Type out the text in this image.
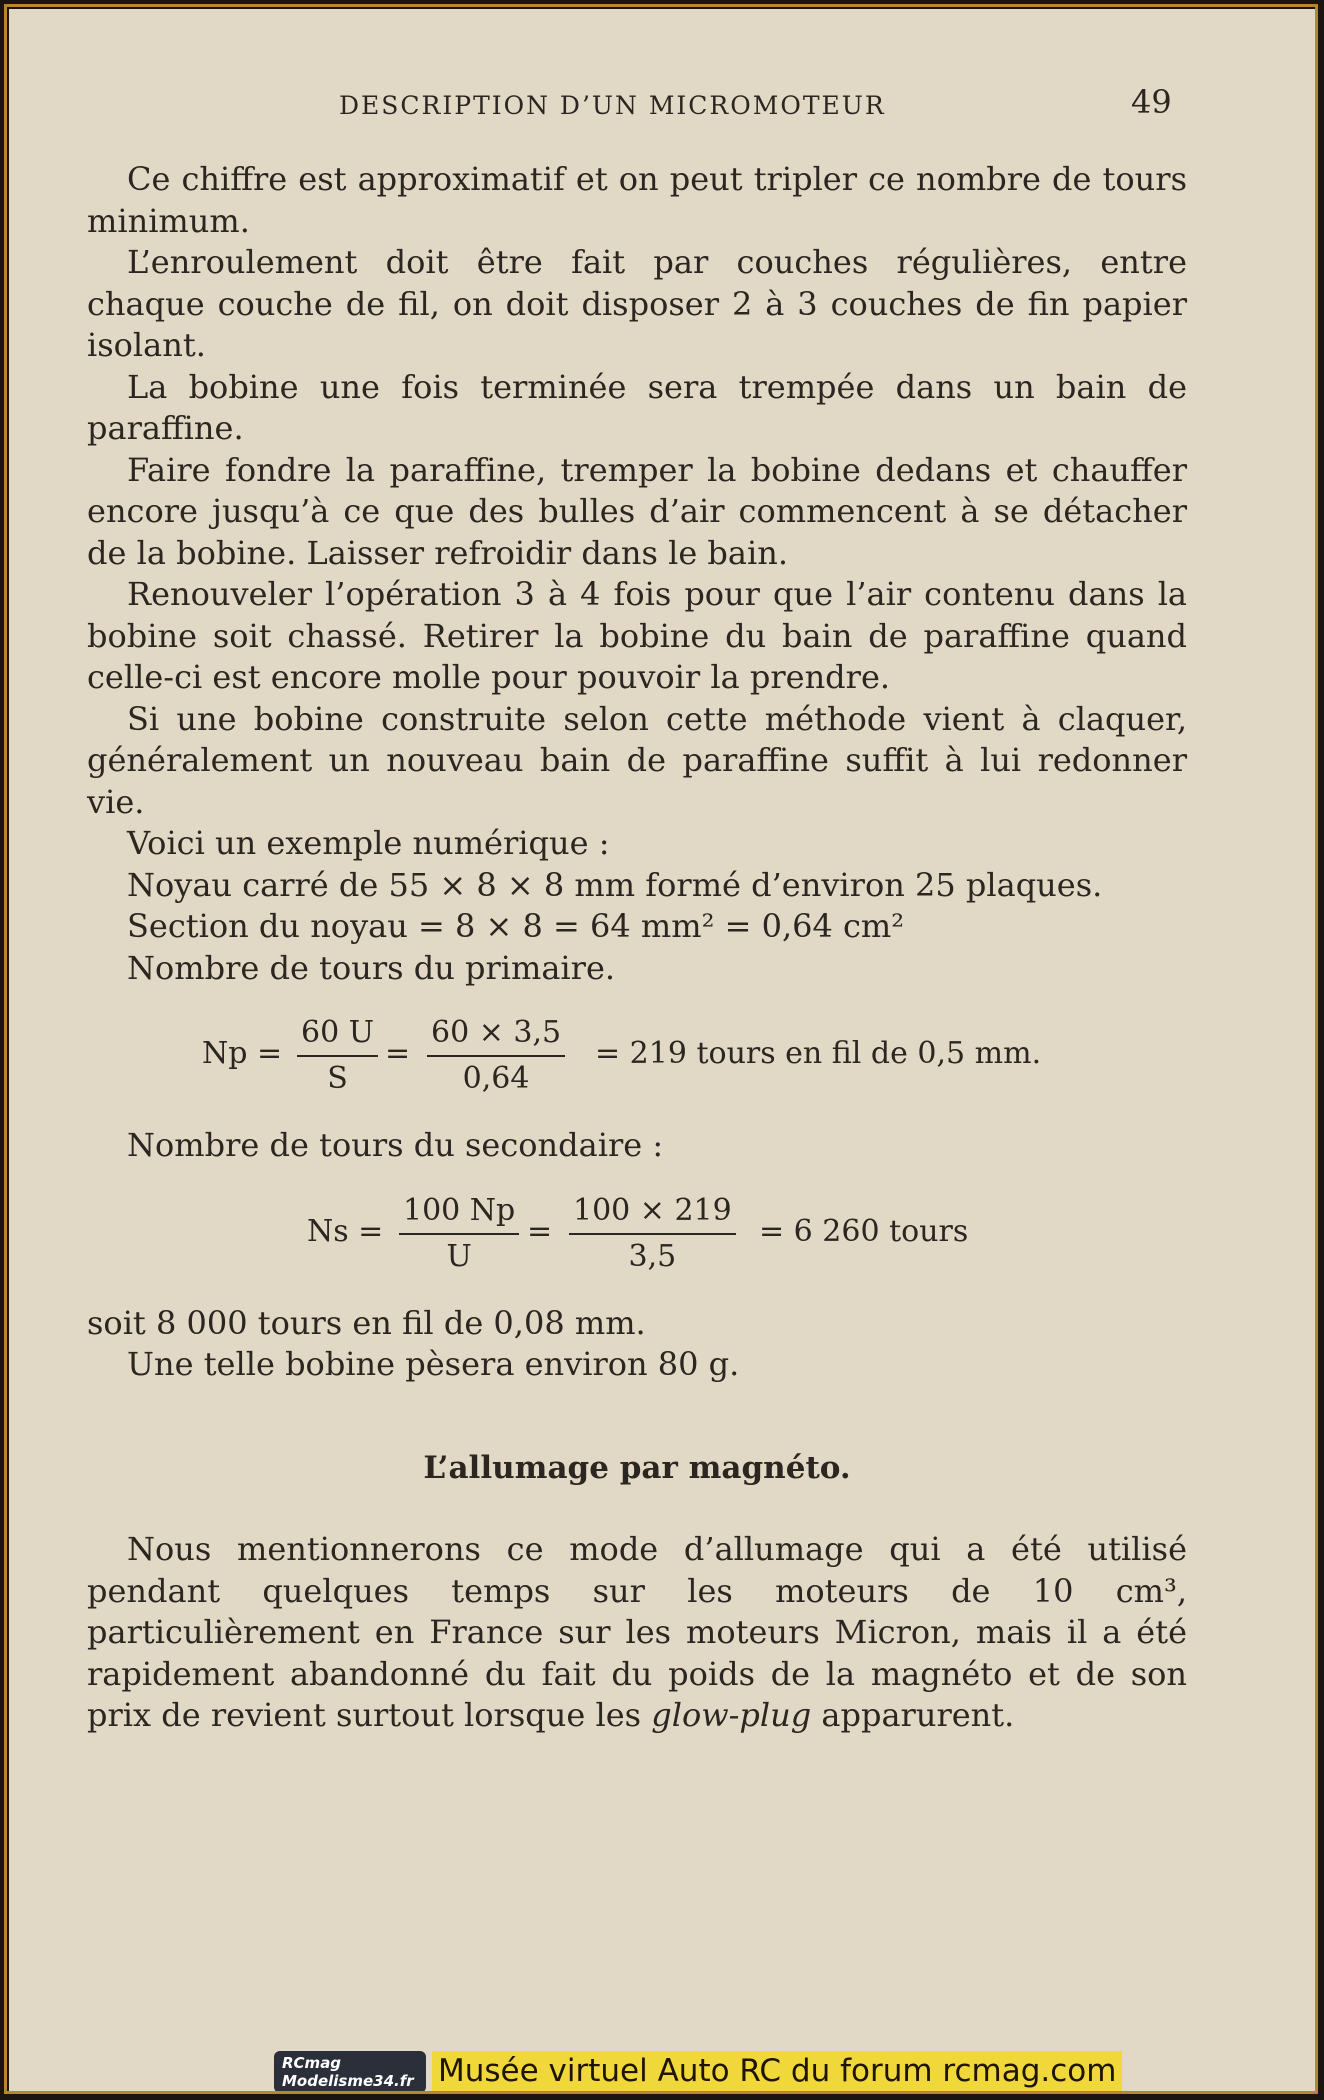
DESCRIPTION D’UN MICROMOTEUR	49

Ce chiffre est approximatif et on peut tripler ce nombre de tours minimum.

L’enroulement doit être fait par couches régulières, entre chaque couche de fil, on doit disposer 2 à 3 couches de fin papier isolant.

La bobine une fois terminée sera trempée dans un bain de paraffine.

Faire fondre la paraffine, tremper la bobine dedans et chauffer encore jusqu’à ce que des bulles d’air commencent à se détacher de la bobine. Laisser refroidir dans le bain.

Renouveler l’opération 3 à 4 fois pour que l’air contenu dans la bobine soit chassé. Retirer la bobine du bain de paraffine quand celle-ci est encore molle pour pouvoir la prendre.

Si une bobine construite selon cette méthode vient à claquer, généralement un nouveau bain de paraffine suffit à lui redonner vie.

Voici un exemple numérique :

Noyau carré de 55 × 8 × 8 mm formé d’environ 25 plaques.

Section du noyau = 8 × 8 = 64 mm² = 0,64 cm²

Nombre de tours du primaire.

$Np = \frac{60 U}{S} = \frac{60 \times 3,5}{0,64} = 219$ tours en fil de 0,5 mm.

Nombre de tours du secondaire :

$Ns = \frac{100 Np}{U} = \frac{100 \times 219}{3,5} = 6$ 260 tours

soit 8 000 tours en fil de 0,08 mm.

Une telle bobine pèsera environ 80 g.

L’allumage par magnéto.

Nous mentionnerons ce mode d’allumage qui a été utilisé pendant quelques temps sur les moteurs de 10 cm³, particulièrement en France sur les moteurs Micron, mais il a été rapidement abandonné du fait du poids de la magnéto et de son prix de revient surtout lorsque les glow-plug apparurent.

RCmag
Modelisme34.fr Musée virtuel Auto RC du forum rcmag.com
